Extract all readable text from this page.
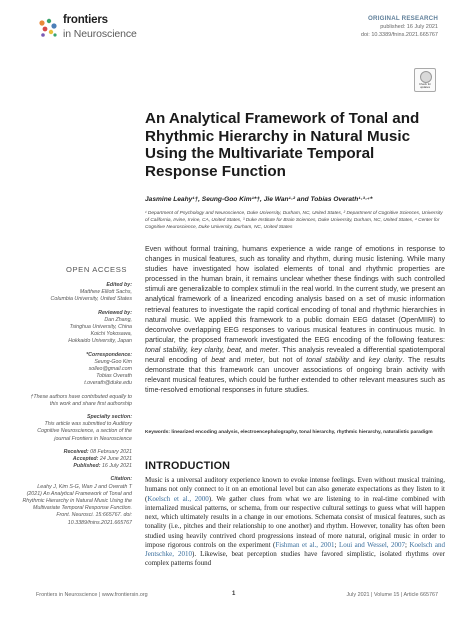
frontiers
in Neuroscience
ORIGINAL RESEARCH
published: 16 July 2021
doi: 10.3389/fnins.2021.665767
Check for updates
An Analytical Framework of Tonal and Rhythmic Hierarchy in Natural Music Using the Multivariate Temporal Response Function
Jasmine Leahy¹†, Seung-Goo Kim¹*†, Jie Wan¹·² and Tobias Overath¹·³·⁴*
¹ Department of Psychology and Neuroscience, Duke University, Durham, NC, United States, ² Department of Cognitive Sciences, University of California, Irvine, Irvine, CA, United States, ³ Duke Institute for Brain Sciences, Duke University, Durham, NC, United States, ⁴ Center for Cognitive Neuroscience, Duke University, Durham, NC, United States
Even without formal training, humans experience a wide range of emotions in response to changes in musical features, such as tonality and rhythm, during music listening. While many studies have investigated how isolated elements of tonal and rhythmic properties are processed in the human brain, it remains unclear whether these findings with such controlled stimuli are generalizable to complex stimuli in the real world. In the current study, we present an analytical framework of a linearized encoding analysis based on a set of music information retrieval features to investigate the rapid cortical encoding of tonal and rhythmic hierarchies in natural music. We applied this framework to a public domain EEG dataset (OpenMIIR) to deconvolve overlapping EEG responses to various musical features in continuous music. In particular, the proposed framework investigated the EEG encoding of the following features: tonal stability, key clarity, beat, and meter. This analysis revealed a differential spatiotemporal neural encoding of beat and meter, but not of tonal stability and key clarity. The results demonstrate that this framework can uncover associations of ongoing brain activity with relevant musical features, which could be further extended to other relevant measures such as time-resolved emotional responses in future studies.
Keywords: linearized encoding analysis, electroencephalography, tonal hierarchy, rhythmic hierarchy, naturalistic paradigm
INTRODUCTION
Music is a universal auditory experience known to evoke intense feelings. Even without musical training, humans not only connect to it on an emotional level but can also generate expectations as they listen to it (Koelsch et al., 2000). We gather clues from what we are listening to in real-time combined with internalized musical patterns, or schema, from our respective cultural settings to guess what will happen next, which ultimately results in a change in our emotions. Schemata consist of musical features, such as tonality (i.e., pitches and their relationship to one another) and rhythm. However, tonality has often been studied using heavily contrived chord progressions instead of more natural, original music in order to impose rigorous controls on the experiment (Fishman et al., 2001; Loui and Wessel, 2007; Koelsch and Jentschke, 2010). Likewise, beat perception studies have favored simplistic, isolated rhythms over complex patterns found
OPEN ACCESS
Edited by:
Matthew Elliott Sachs,
Columbia University, United States
Reviewed by:
Dan Zhang,
Tsinghua University, China
Koichi Yokosawa,
Hokkaido University, Japan
*Correspondence:
Seung-Goo Kim
solleo@gmail.com
Tobias Overath
t.overath@duke.edu
†These authors have contributed equally to this work and share first authorship
Specialty section:
This article was submitted to Auditory Cognitive Neuroscience, a section of the journal Frontiers in Neuroscience
Received: 08 February 2021
Accepted: 24 June 2021
Published: 16 July 2021
Citation:
Leahy J, Kim S-G, Wan J and Overath T (2021) An Analytical Framework of Tonal and Rhythmic Hierarchy in Natural Music Using the Multivariate Temporal Response Function. Front. Neurosci. 15:665767. doi: 10.3389/fnins.2021.665767
Frontiers in Neuroscience | www.frontiersin.org	1	July 2021 | Volume 15 | Article 665767
